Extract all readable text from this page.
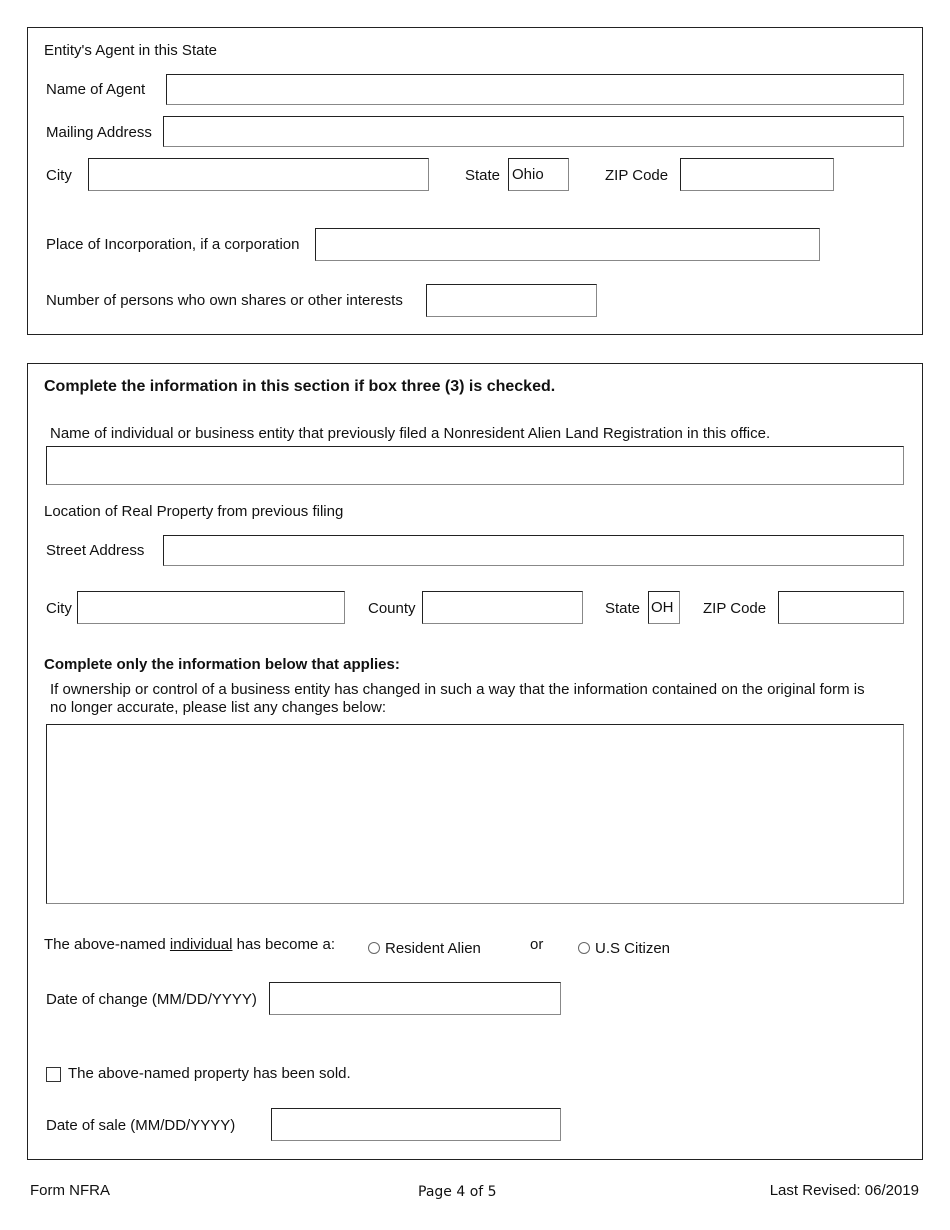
Entity's Agent in this State
Name of Agent
Mailing Address
City	State Ohio	ZIP Code
Place of Incorporation, if a corporation
Number of persons who own shares or other interests
Complete the information in this section if box three (3) is checked.
Name of individual or business entity that previously filed a Nonresident Alien Land Registration in this office.
Location of Real Property from previous filing
Street Address
City	County	State OH	ZIP Code
Complete only the information below that applies:
If ownership or control of a business entity has changed in such a way that the information contained on the original form is
no longer accurate, please list any changes below:
The above-named individual has become a:	Resident Alien	or	U.S Citizen
Date of change (MM/DD/YYYY)
The above-named property has been sold.
Date of sale (MM/DD/YYYY)
Form NFRA	Page 4 of 5	Last Revised: 06/2019
